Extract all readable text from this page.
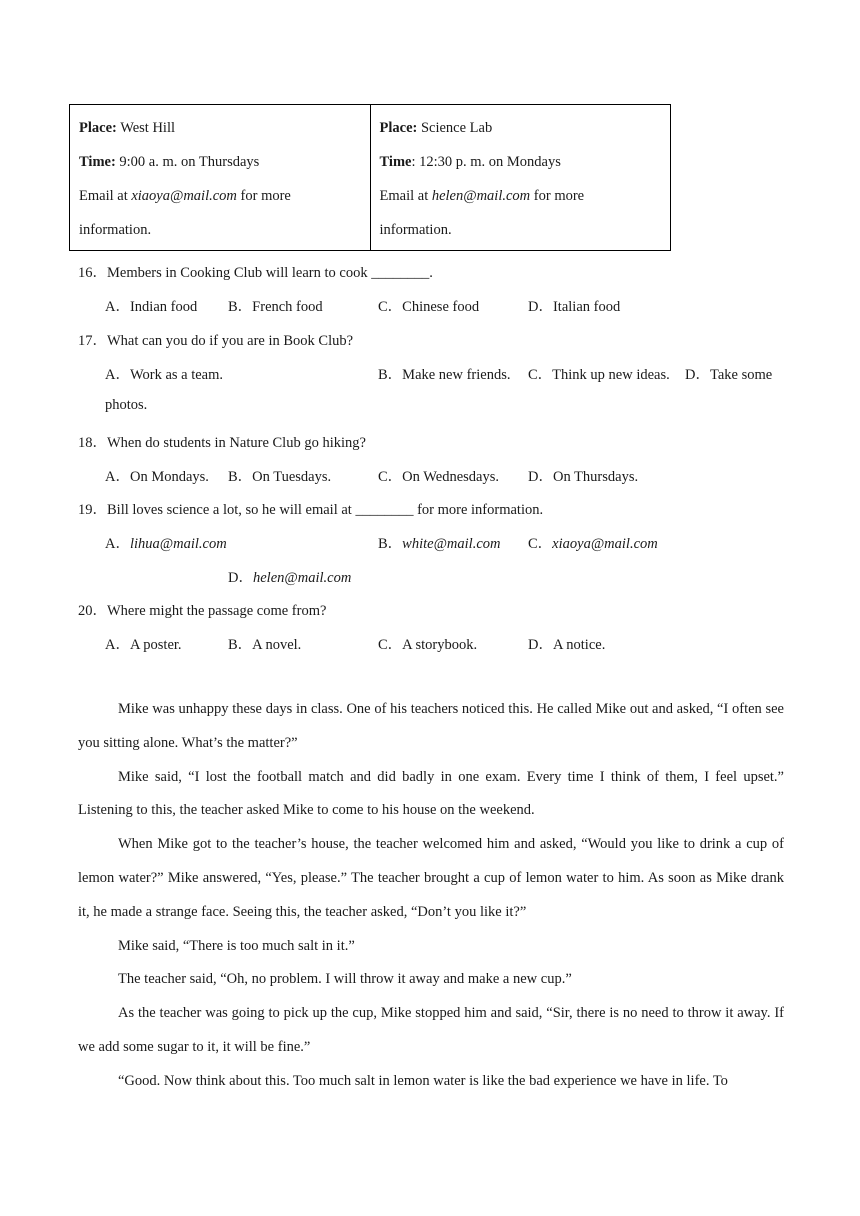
Place: West Hill
Time: 9:00 a. m. on Thursdays
Email at xiaoya@mail.com for more
information.
Place: Science Lab
Time: 12:30 p. m. on Mondays
Email at helen@mail.com for more
information.
16．Members in Cooking Club will learn to cook ________.
A．Indian food B．French food	C．Chinese food	D．Italian food
17．What can you do if you are in Book Club?
A．Work as a team.	B．Make new friends. C．Think up new ideas. D．Take some
photos.
18．When do students in Nature Club go hiking?
A．On Mondays. B．On Tuesdays.	C．On Wednesdays. D．On Thursdays.
19．Bill loves science a lot, so he will email at ________ for more information.
A．lihua@mail.com	B．white@mail.com C．xiaoya@mail.com
D．helen@mail.com
20．Where might the passage come from?
A．A poster.	B．A novel.	C．A storybook.	D．A notice.

Mike was unhappy these days in class. One of his teachers noticed this. He called Mike out and asked, “I often see you sitting alone. What’s the matter?”

Mike said, “I lost the football match and did badly in one exam. Every time I think of them, I feel upset.” Listening to this, the teacher asked Mike to come to his house on the weekend.

When Mike got to the teacher’s house, the teacher welcomed him and asked, “Would you like to drink a cup of lemon water?” Mike answered, “Yes, please.” The teacher brought a cup of lemon water to him. As soon as Mike drank it, he made a strange face. Seeing this, the teacher asked, “Don’t you like it?”

Mike said, “There is too much salt in it.”

The teacher said, “Oh, no problem. I will throw it away and make a new cup.”

As the teacher was going to pick up the cup, Mike stopped him and said, “Sir, there is no need to throw it away. If we add some sugar to it, it will be fine.”

“Good. Now think about this. Too much salt in lemon water is like the bad experience we have in life. To
